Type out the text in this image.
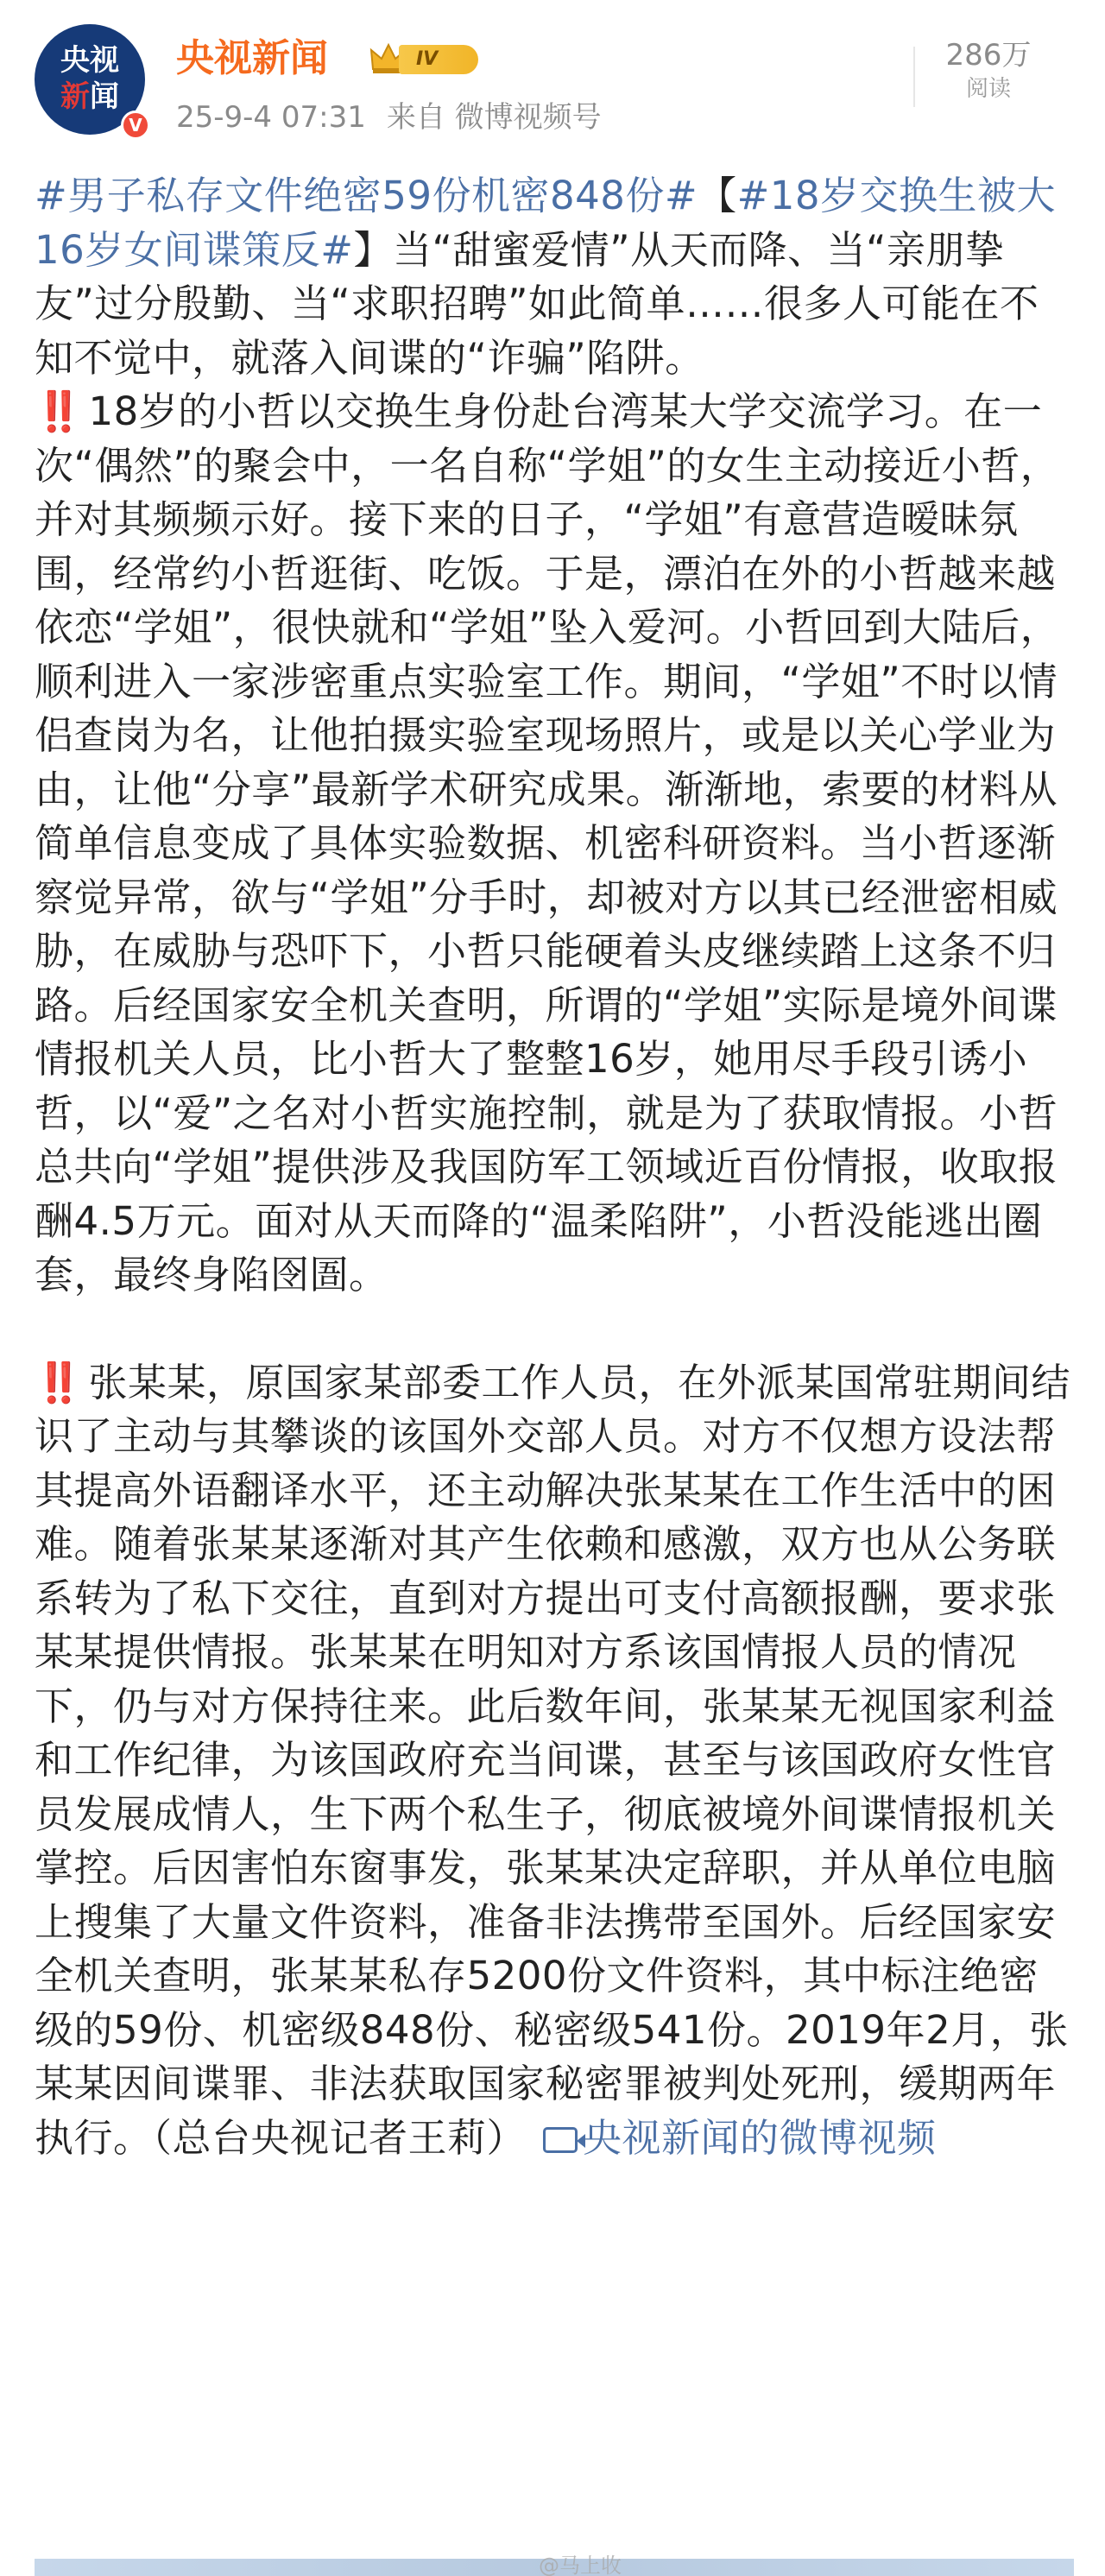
央视
新闻
V
央视新闻	IV
25-9-4 07:31 来自 微博视频号
286万
阅读

#男子私存文件绝密59份机密848份#【#18岁交换生被大16岁女间谍策反#】当“甜蜜爱情”从天而降、当“亲朋挚友”过分殷勤、当“求职招聘”如此简单……很多人可能在不知不觉中，就落入间谍的“诈骗”陷阱。

‼️ 18岁的小哲以交换生身份赴台湾某大学交流学习。在一次“偶然”的聚会中，一名自称“学姐”的女生主动接近小哲，并对其频频示好。接下来的日子，“学姐”有意营造暧昧氛围，经常约小哲逛街、吃饭。于是，漂泊在外的小哲越来越依恋“学姐”，很快就和“学姐”坠入爱河。小哲回到大陆后，顺利进入一家涉密重点实验室工作。期间，“学姐”不时以情侣查岗为名，让他拍摄实验室现场照片，或是以关心学业为由，让他“分享”最新学术研究成果。渐渐地，索要的材料从简单信息变成了具体实验数据、机密科研资料。当小哲逐渐察觉异常，欲与“学姐”分手时，却被对方以其已经泄密相威胁，在威胁与恐吓下，小哲只能硬着头皮继续踏上这条不归路。后经国家安全机关查明，所谓的“学姐”实际是境外间谍情报机关人员，比小哲大了整整16岁，她用尽手段引诱小哲，以“爱”之名对小哲实施控制，就是为了获取情报。小哲总共向“学姐”提供涉及我国防军工领域近百份情报，收取报酬4.5万元。面对从天而降的“温柔陷阱”，小哲没能逃出圈套，最终身陷囹圄。

‼️ 张某某，原国家某部委工作人员，在外派某国常驻期间结识了主动与其攀谈的该国外交部人员。对方不仅想方设法帮其提高外语翻译水平，还主动解决张某某在工作生活中的困难。随着张某某逐渐对其产生依赖和感激，双方也从公务联系转为了私下交往，直到对方提出可支付高额报酬，要求张某某提供情报。张某某在明知对方系该国情报人员的情况下，仍与对方保持往来。此后数年间，张某某无视国家利益和工作纪律，为该国政府充当间谍，甚至与该国政府女性官员发展成情人，生下两个私生子，彻底被境外间谍情报机关掌控。后因害怕东窗事发，张某某决定辞职，并从单位电脑上搜集了大量文件资料，准备非法携带至国外。后经国家安全机关查明，张某某私存5200份文件资料，其中标注绝密级的59份、机密级848份、秘密级541份。2019年2月，张某某因间谍罪、非法获取国家秘密罪被判处死刑，缓期两年执行。（总台央视记者王莉） 央视新闻的微博视频

@马上收
